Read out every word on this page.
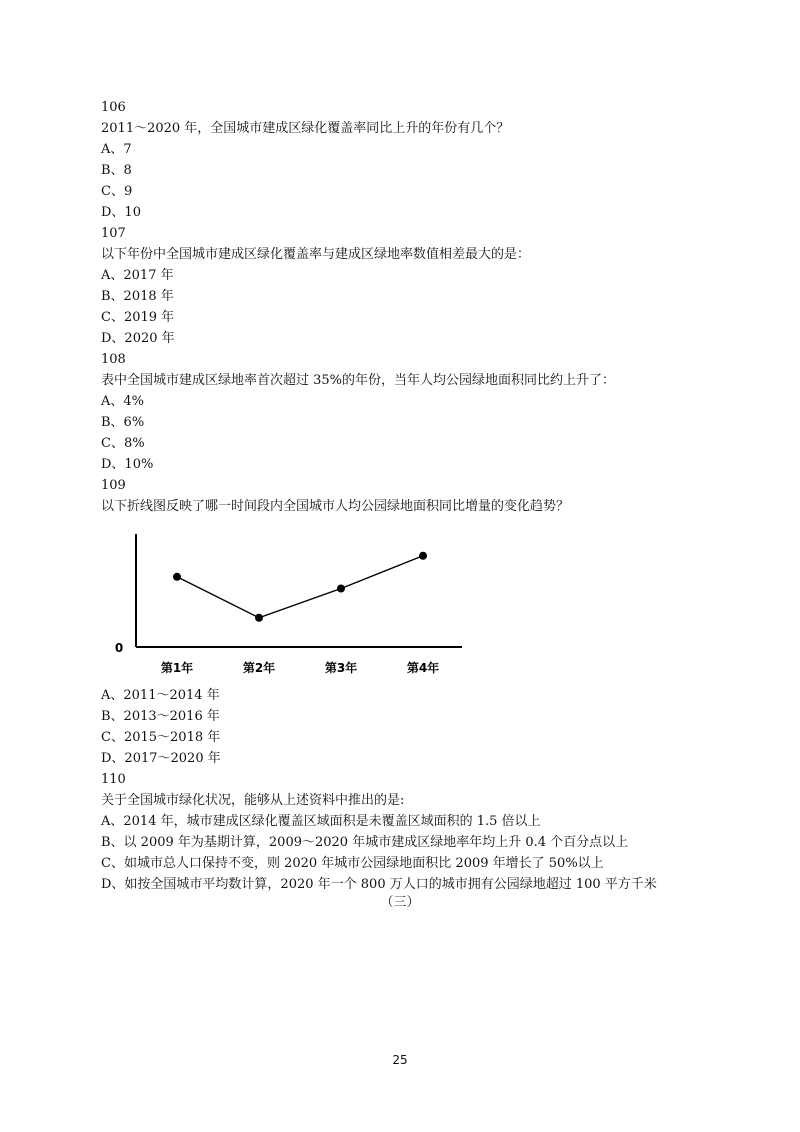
106

2011～2020 年，全国城市建成区绿化覆盖率同比上升的年份有几个？

A、7

B、8

C、9

D、10

107

以下年份中全国城市建成区绿化覆盖率与建成区绿地率数值相差最大的是：

A、2017 年

B、2018 年

C、2019 年

D、2020 年

108

表中全国城市建成区绿地率首次超过 35%的年份，当年人均公园绿地面积同比约上升了：

A、4%

B、6%

C、8%

D、10%

109

以下折线图反映了哪一时间段内全国城市人均公园绿地面积同比增量的变化趋势？

0
第1年	第2年	第3年	第4年

A、2011～2014 年

B、2013～2016 年

C、2015～2018 年

D、2017～2020 年

110

关于全国城市绿化状况，能够从上述资料中推出的是:

A、2014 年，城市建成区绿化覆盖区域面积是未覆盖区域面积的 1.5 倍以上

B、以 2009 年为基期计算，2009～2020 年城市建成区绿地率年均上升 0.4 个百分点以上

C、如城市总人口保持不变，则 2020 年城市公园绿地面积比 2009 年增长了 50%以上

D、如按全国城市平均数计算，2020 年一个 800 万人口的城市拥有公园绿地超过 100 平方千米

（三）
25
